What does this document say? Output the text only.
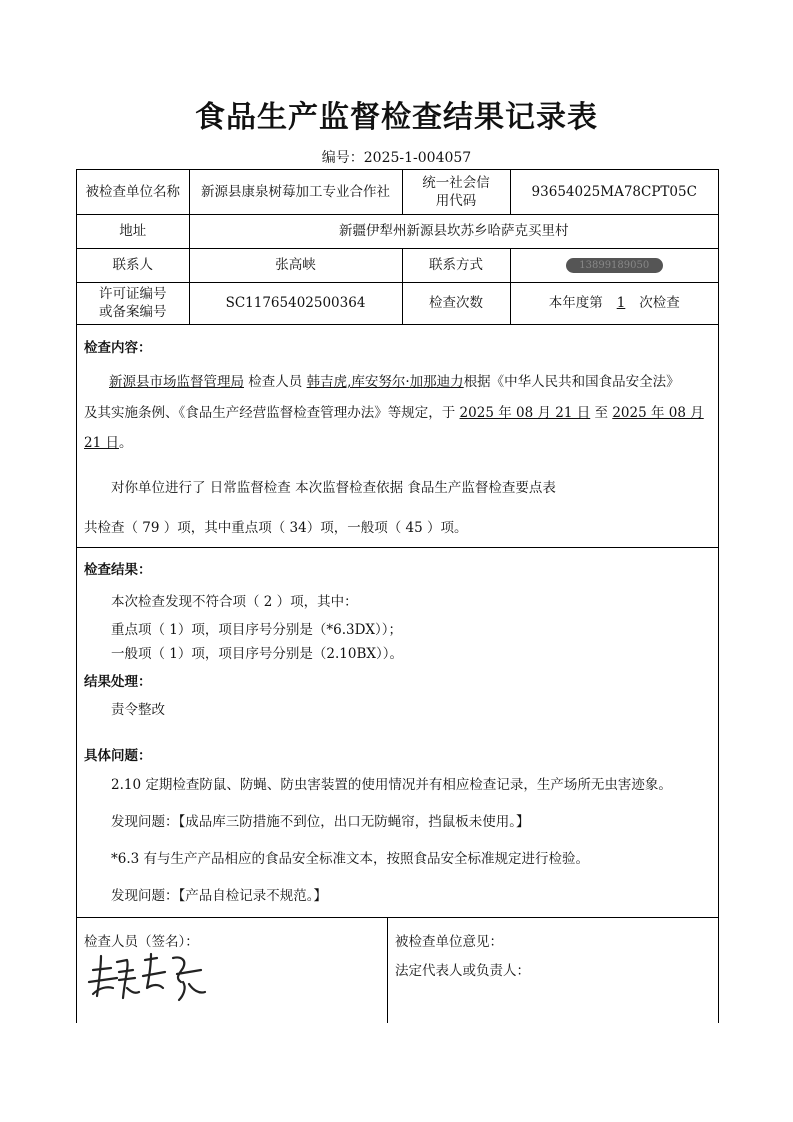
食品生产监督检查结果记录表
编号：2025-1-004057
被检查单位名称	新源县康泉树莓加工专业合作社	统一社会信用代码	93654025MA78CPT05C
地址	新疆伊犁州新源县坎苏乡哈萨克买里村		
联系人	张高峡	联系方式	13899189050

许可证编号
或备案编号	SC11765402500364	检查次数	本年度第 1 次检查
检查内容：
新源县市场监督管理局 检查人员 韩吉虎,库安努尔·加那迪力根据《中华人民共和国食品安全法》
及其实施条例、《食品生产经营监督检查管理办法》等规定，于 2025 年 08 月 21 日 至 2025 年 08 月
21 日。
对你单位进行了 日常监督检查 本次监督检查依据 食品生产监督检查要点表
共检查（ 79 ）项，其中重点项（ 34）项，一般项（ 45 ）项。
检查结果：
本次检查发现不符合项（ 2 ）项，其中：
重点项（ 1）项，项目序号分别是（*6.3DX））；
一般项（ 1）项，项目序号分别是（2.10BX））。
结果处理：
责令整改
具体问题：
2.10 定期检查防鼠、防蝇、防虫害装置的使用情况并有相应检查记录，生产场所无虫害迹象。
发现问题：【成品库三防措施不到位，出口无防蝇帘，挡鼠板未使用。】
*6.3 有与生产产品相应的食品安全标准文本，按照食品安全标准规定进行检验。
发现问题：【产品自检记录不规范。】
检查人员（签名）：	被检查单位意见：
法定代表人或负责人：
